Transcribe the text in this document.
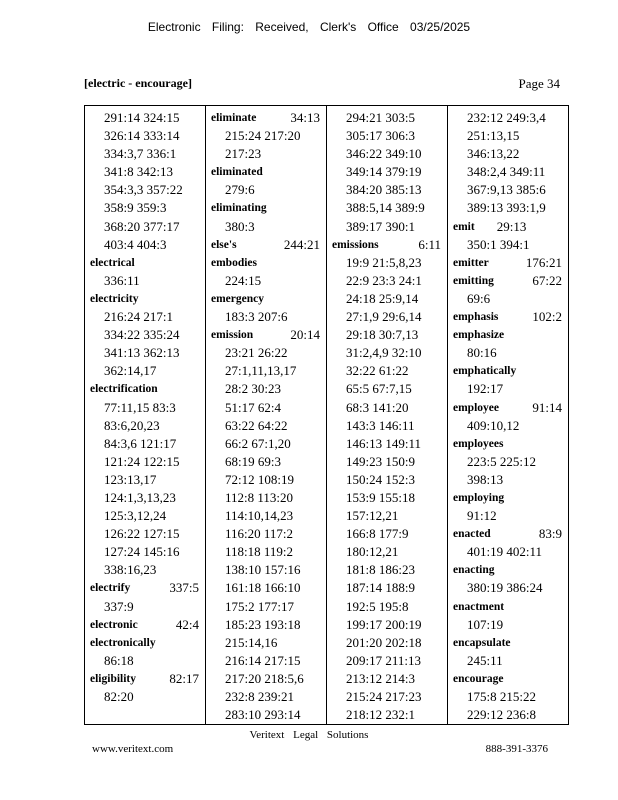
Electronic Filing: Received, Clerk's Office 03/25/2025
[electric - encourage]	Page 34
291:14 324:15
326:14 333:14
334:3,7 336:1
341:8 342:13
354:3,3 357:22
358:9 359:3
368:20 377:17
403:4 404:3
electrical
336:11
electricity
216:24 217:1
334:22 335:24
341:13 362:13
362:14,17
electrification
77:11,15 83:3
83:6,20,23
84:3,6 121:17
121:24 122:15
123:13,17
124:1,3,13,23
125:3,12,24
126:22 127:15
127:24 145:16
338:16,23
electrify	337:5
337:9
electronic	42:4
electronically
86:18
eligibility	82:17
82:20
eliminate	34:13
215:24 217:20
217:23
eliminated
279:6
eliminating
380:3
else's	244:21
embodies
224:15
emergency
183:3 207:6
emission	20:14
23:21 26:22
27:1,11,13,17
28:2 30:23
51:17 62:4
63:22 64:22
66:2 67:1,20
68:19 69:3
72:12 108:19
112:8 113:20
114:10,14,23
116:20 117:2
118:18 119:2
138:10 157:16
161:18 166:10
175:2 177:17
185:23 193:18
215:14,16
216:14 217:15
217:20 218:5,6
232:8 239:21
283:10 293:14
294:21 303:5
305:17 306:3
346:22 349:10
349:14 379:19
384:20 385:13
388:5,14 389:9
389:17 390:1
emissions	6:11
19:9 21:5,8,23
22:9 23:3 24:1
24:18 25:9,14
27:1,9 29:6,14
29:18 30:7,13
31:2,4,9 32:10
32:22 61:22
65:5 67:7,15
68:3 141:20
143:3 146:11
146:13 149:11
149:23 150:9
150:24 152:3
153:9 155:18
157:12,21
166:8 177:9
180:12,21
181:8 186:23
187:14 188:9
192:5 195:8
199:17 200:19
201:20 202:18
209:17 211:13
213:12 214:3
215:24 217:23
218:12 232:1
232:12 249:3,4
251:13,15
346:13,22
348:2,4 349:11
367:9,13 385:6
389:13 393:1,9
emit 29:13
350:1 394:1
emitter	176:21
emitting	67:22
69:6
emphasis	102:2
emphasize
80:16
emphatically
192:17
employee	91:14
409:10,12
employees
223:5 225:12
398:13
employing
91:12
enacted	83:9
401:19 402:11
enacting
380:19 386:24
enactment
107:19
encapsulate
245:11
encourage
175:8 215:22
229:12 236:8
Veritext Legal Solutions
www.veritext.com	888-391-3376
